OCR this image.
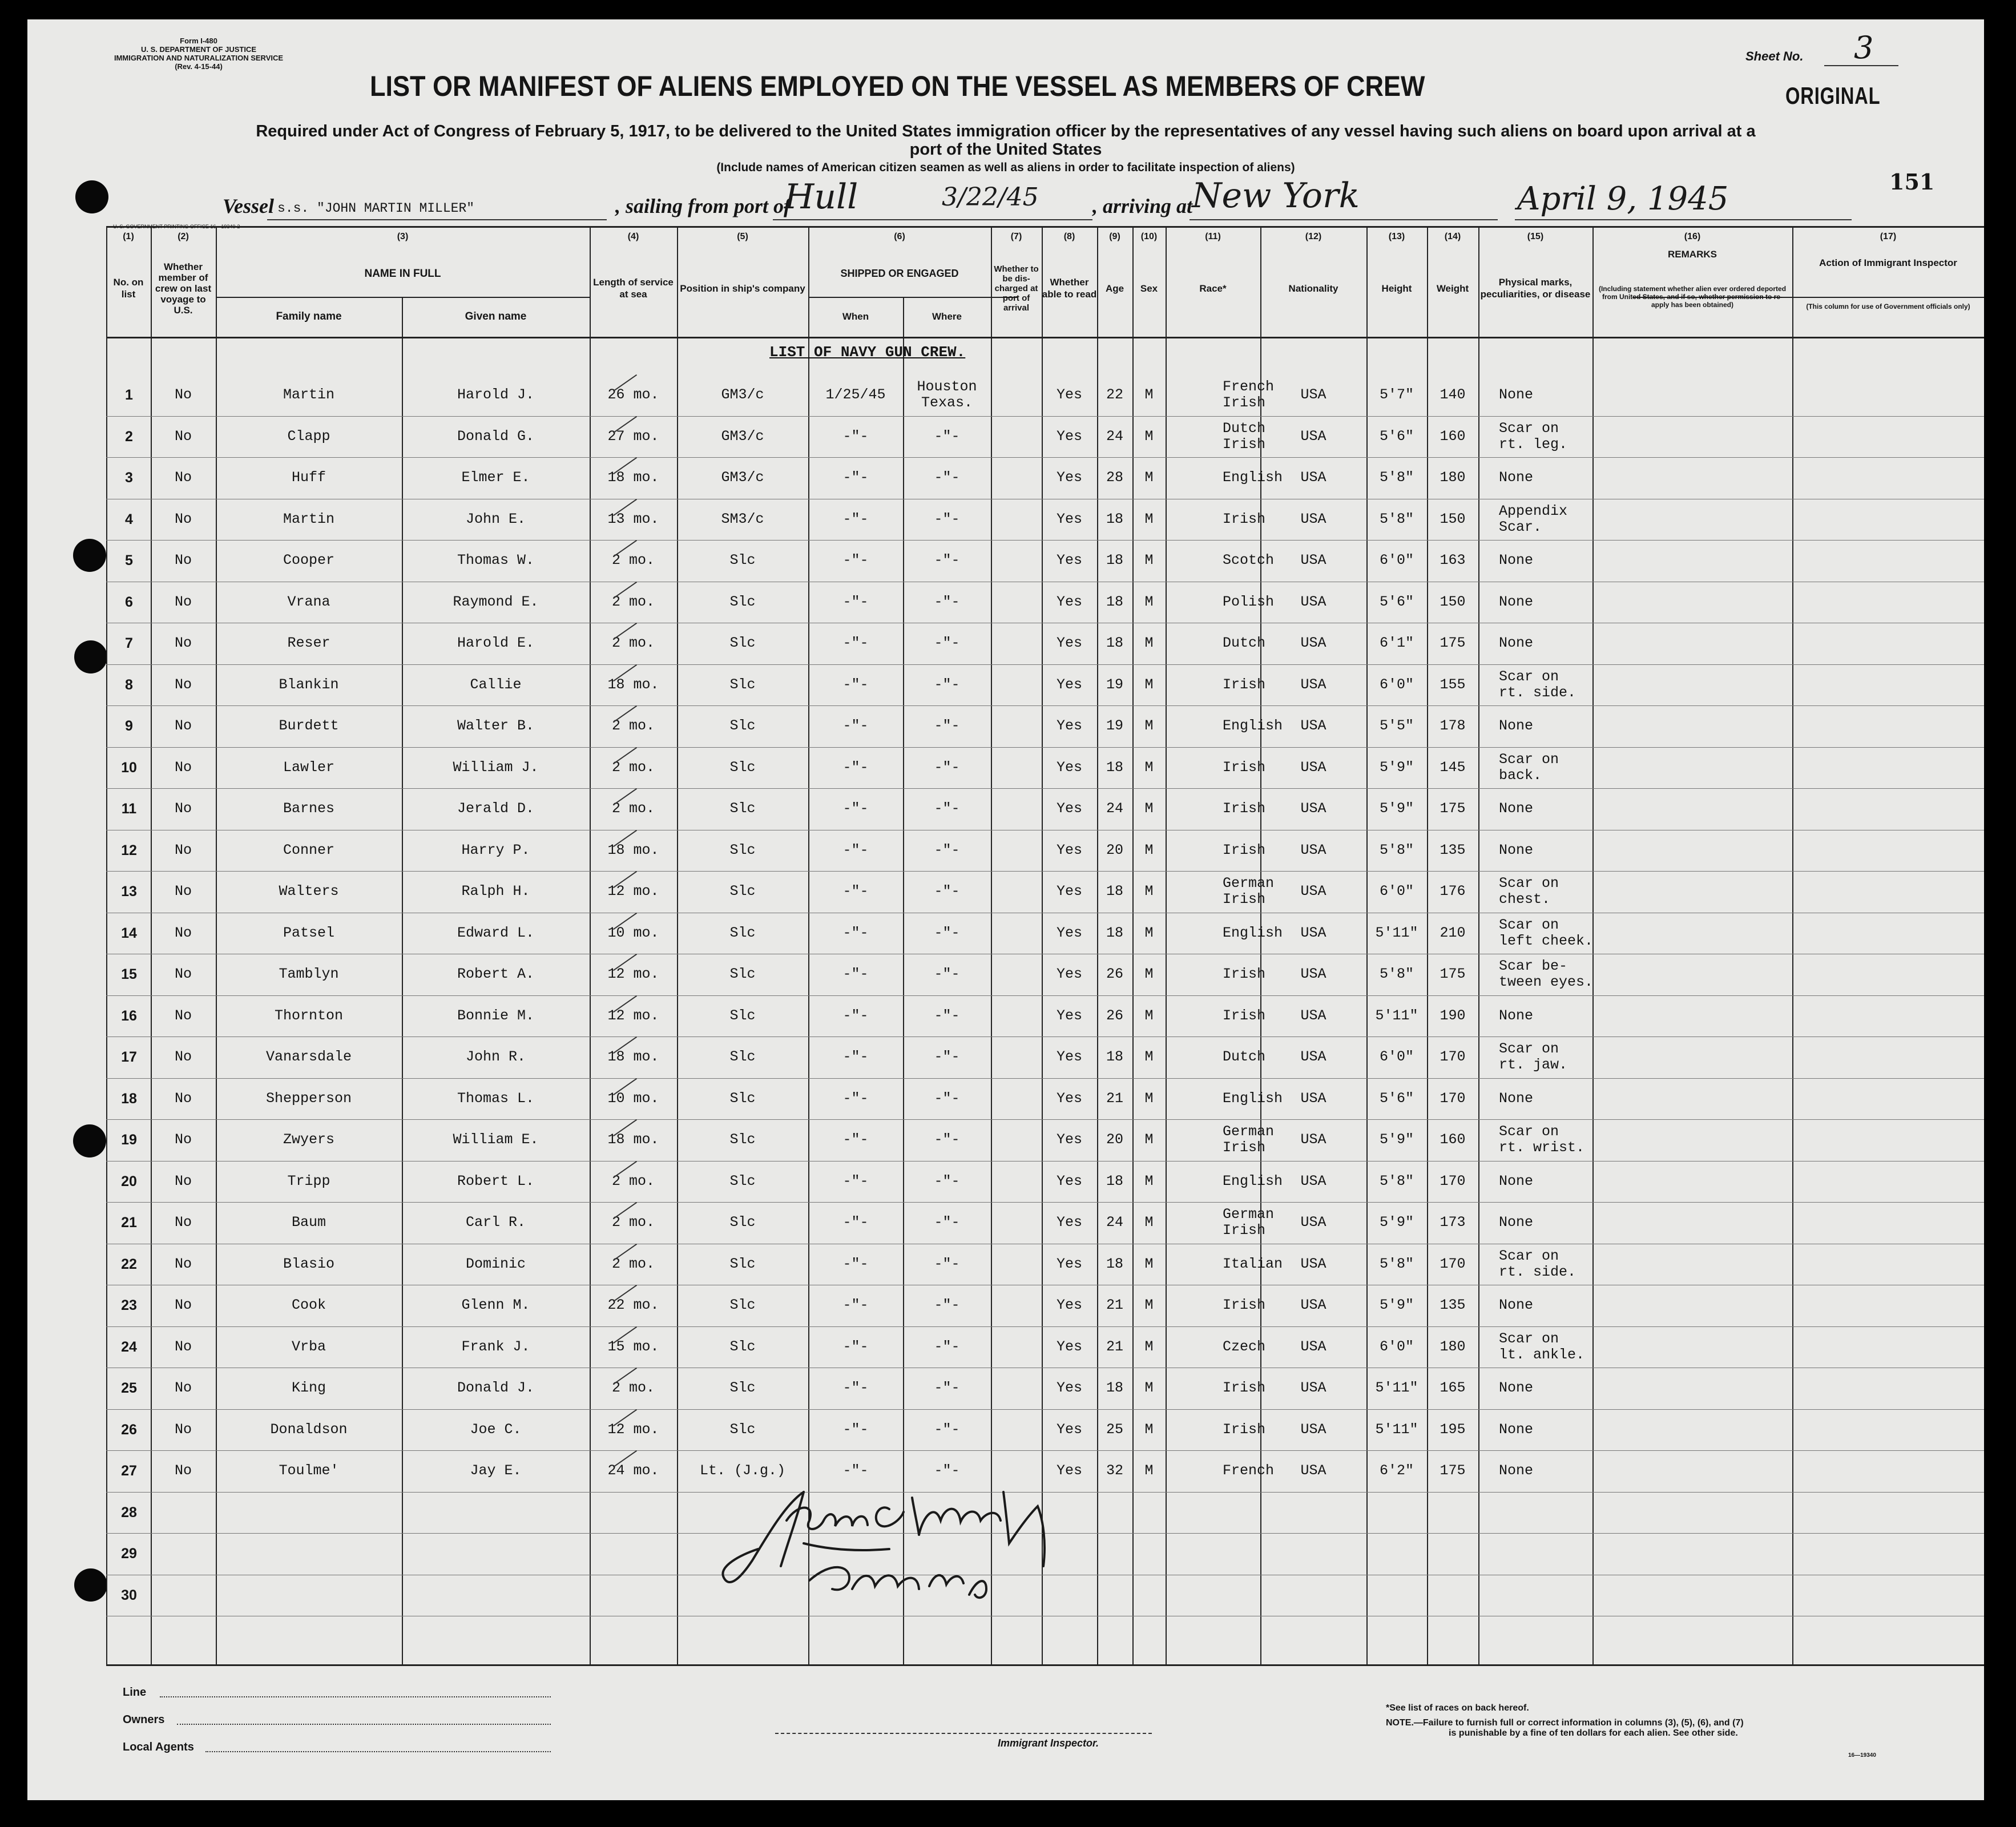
Form I-480
U. S. DEPARTMENT OF JUSTICE
IMMIGRATION AND NATURALIZATION SERVICE
(Rev. 4-15-44)
Sheet No. 3
ORIGINAL
LIST OR MANIFEST OF ALIENS EMPLOYED ON THE VESSEL AS MEMBERS OF CREW
Required under Act of Congress of February 5, 1917, to be delivered to the United States immigration officer by the representatives of any vessel having such aliens on board upon arrival at a
port of the United States
(Include names of American citizen seamen as well as aliens in order to facilitate inspection of aliens)
151
Vessel s.s. "JOHN MARTIN MILLER"	, sailing from port of
Hull	3/22/45	, arriving at
New York	April 9, 1945
U. S. GOVERNMENT PRINTING OFFICE 16—19340-2
(1)	(2)	(3)	(4)	(5)	(6)	(7)	(8)	(9)	(10)	(11)	(12)	(13)	(14)	(15)	(16)	(17)
No. on list
Whether member of crew on last voyage to U.S.
NAME IN FULL
Family name	Given name
Length of service at sea
Position in ship's company
SHIPPED OR ENGAGED
When	Where
Whether to be dis-charged at port of arrival
Whether able to read
Age Sex	Race*	Nationality	Height	Weight
Physical marks, peculiarities, or disease
REMARKS
(Including statement whether alien ever ordered deported from United States, and if so, whether permission to re-apply has been obtained)
Action of Immigrant Inspector
(This column for use of Government officials only)
LIST OF NAVY GUN CREW.
1	No	Martin	Harold J.	26 mo.	GM3/c	1/25/45	Houston
Texas.	Yes	22	M	French
Irish	USA	5'7"	140	None
2	No	Clapp	Donald G.	27 mo.	GM3/c	-"-	-"-	Yes	24	M	Dutch
Irish	USA	5'6"	160	Scar on
rt. leg.
3	No	Huff	Elmer E.	18 mo.	GM3/c	-"-	-"-	Yes	28	M	English	USA	5'8"	180	None
4	No	Martin	John E.	13 mo.	SM3/c	-"-	-"-	Yes	18	M	Irish	USA	5'8"	150	Appendix
Scar.
5	No	Cooper	Thomas W.	2 mo.	Slc	-"-	-"-	Yes	18	M	Scotch	USA	6'0"	163	None
6	No	Vrana	Raymond E.	2 mo.	Slc	-"-	-"-	Yes	18	M	Polish	USA	5'6"	150	None
7	No	Reser	Harold E.	2 mo.	Slc	-"-	-"-	Yes	18	M	Dutch	USA	6'1"	175	None
8	No	Blankin	Callie	18 mo.	Slc	-"-	-"-	Yes	19	M	Irish	USA	6'0"	155	Scar on
rt. side.
9	No	Burdett	Walter B.	2 mo.	Slc	-"-	-"-	Yes	19	M	English	USA	5'5"	178	None
10	No	Lawler	William J.	2 mo.	Slc	-"-	-"-	Yes	18	M	Irish	USA	5'9"	145	Scar on
back.
11	No	Barnes	Jerald D.	2 mo.	Slc	-"-	-"-	Yes	24	M	Irish	USA	5'9"	175	None
12	No	Conner	Harry P.	18 mo.	Slc	-"-	-"-	Yes	20	M	Irish	USA	5'8"	135	None
13	No	Walters	Ralph H.	12 mo.	Slc	-"-	-"-	Yes	18	M	German
Irish	USA	6'0"	176	Scar on
chest.
14	No	Patsel	Edward L.	10 mo.	Slc	-"-	-"-	Yes	18	M	English	USA	5'11"	210	Scar on
left cheek.
15	No	Tamblyn	Robert A.	12 mo.	Slc	-"-	-"-	Yes	26	M	Irish	USA	5'8"	175	Scar be-
tween eyes.
16	No	Thornton	Bonnie M.	12 mo.	Slc	-"-	-"-	Yes	26	M	Irish	USA	5'11"	190	None
17	No	Vanarsdale	John R.	18 mo.	Slc	-"-	-"-	Yes	18	M	Dutch	USA	6'0"	170	Scar on
rt. jaw.
18	No	Shepperson	Thomas L.	10 mo.	Slc	-"-	-"-	Yes	21	M	English	USA	5'6"	170	None
19	No	Zwyers	William E.	18 mo.	Slc	-"-	-"-	Yes	20	M	German
Irish	USA	5'9"	160	Scar on
rt. wrist.
20	No	Tripp	Robert L.	2 mo.	Slc	-"-	-"-	Yes	18	M	English	USA	5'8"	170	None
21	No	Baum	Carl R.	2 mo.	Slc	-"-	-"-	Yes	24	M	German
Irish	USA	5'9"	173	None
22	No	Blasio	Dominic	2 mo.	Slc	-"-	-"-	Yes	18	M	Italian	USA	5'8"	170	Scar on
rt. side.
23	No	Cook	Glenn M.	22 mo.	Slc	-"-	-"-	Yes	21	M	Irish	USA	5'9"	135	None
24	No	Vrba	Frank J.	15 mo.	Slc	-"-	-"-	Yes	21	M	Czech	USA	6'0"	180	Scar on
lt. ankle.
25	No	King	Donald J.	2 mo.	Slc	-"-	-"-	Yes	18	M	Irish	USA	5'11"	165	None
26	No	Donaldson	Joe C.	12 mo.	Slc	-"-	-"-	Yes	25	M	Irish	USA	5'11"	195	None
27	No	Toulme'	Jay E.	24 mo.	Lt. (J.g.)	-"-	-"-	Yes	32	M	French	USA	6'2"	175	None
28
29
30
Line
Owners
Local Agents	Immigrant Inspector.
*See list of races on back hereof.
NOTE.—Failure to furnish full or correct information in columns (3), (5), (6), and (7)
is punishable by a fine of ten dollars for each alien. See other side.
16—19340
